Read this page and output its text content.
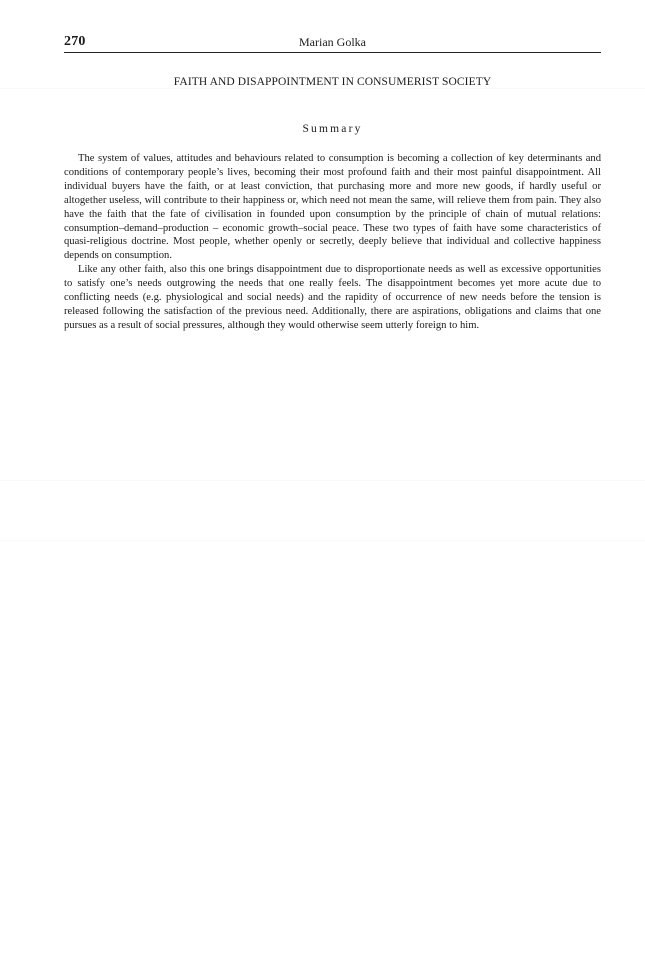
270	Marian Golka
FAITH AND DISAPPOINTMENT IN CONSUMERIST SOCIETY
Summary

The system of values, attitudes and behaviours related to consumption is becoming a collection of key determinants and conditions of contemporary people’s lives, becoming their most profound faith and their most painful disappointment. All individual buyers have the faith, or at least conviction, that purchasing more and more new goods, if hardly useful or altogether useless, will contribute to their happiness or, which need not mean the same, will relieve them from pain. They also have the faith that the fate of civilisation in founded upon consumption by the principle of chain of mutual relations: consumption–demand–production – economic growth–social peace. These two types of faith have some characteristics of quasi-religious doctrine. Most people, whether openly or secretly, deeply believe that individual and collective happiness depends on consumption.

Like any other faith, also this one brings disappointment due to disproportionate needs as well as excessive opportunities to satisfy one’s needs outgrowing the needs that one really feels. The disappointment becomes yet more acute due to conflicting needs (e.g. physiological and social needs) and the rapidity of occurrence of new needs before the tension is released following the satisfaction of the previous need. Additionally, there are aspirations, obligations and claims that one pursues as a result of social pressures, although they would otherwise seem utterly foreign to him.
